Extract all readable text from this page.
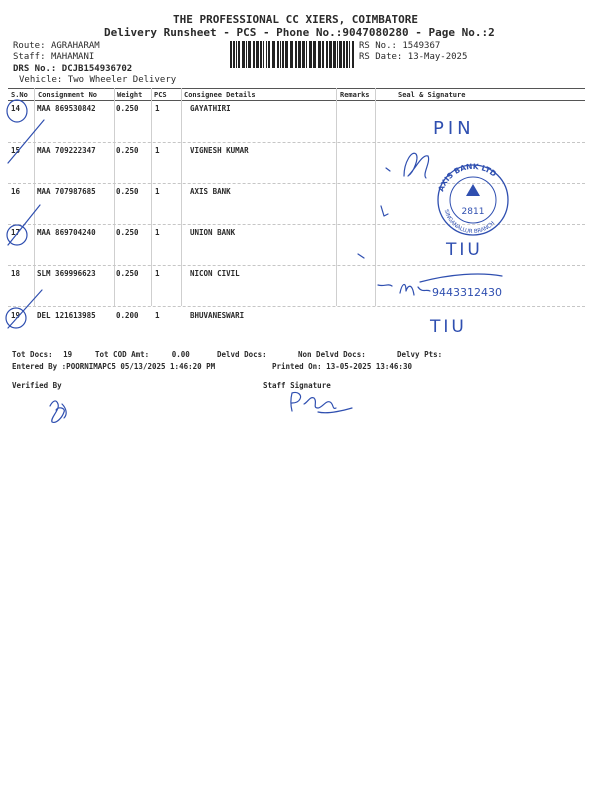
THE PROFESSIONAL CC XIERS, COIMBATORE
Delivery Runsheet - PCS - Phone No.:9047080280 - Page No.:2
Route: AGRAHARAM
Staff: MAHAMANI
DRS No.: DCJB154936702
Vehicle: Two Wheeler Delivery
RS No.: 1549367
RS Date: 13-May-2025
S.No Consignment No	Weight PCS Consignee Details	Remarks	Seal & Signature
14 MAA 869530842	0.250 1	GAYATHIRI
15 MAA 709222347	0.250 1	VIGNESH KUMAR
16 MAA 707987685	0.250 1	AXIS BANK
17 MAA 869704240	0.250 1	UNION BANK
18 SLM 369996623	0.250 1	NICON CIVIL
19 DEL 121613985	0.200 1	BHUVANESWARI
Tot Docs: 19	Tot COD Amt:	0.00	Delvd Docs:	Non Delvd Docs:	Delvy Pts:
Entered By :POORNIMAPC5 05/13/2025 1:46:20 PM	Printed On: 13-05-2025 13:46:30
Verified By	Staff Signature
PIN
AXIS BANK LTD
SINGANALLUR BRANCH
2811
TIU
9443312430
TIU
